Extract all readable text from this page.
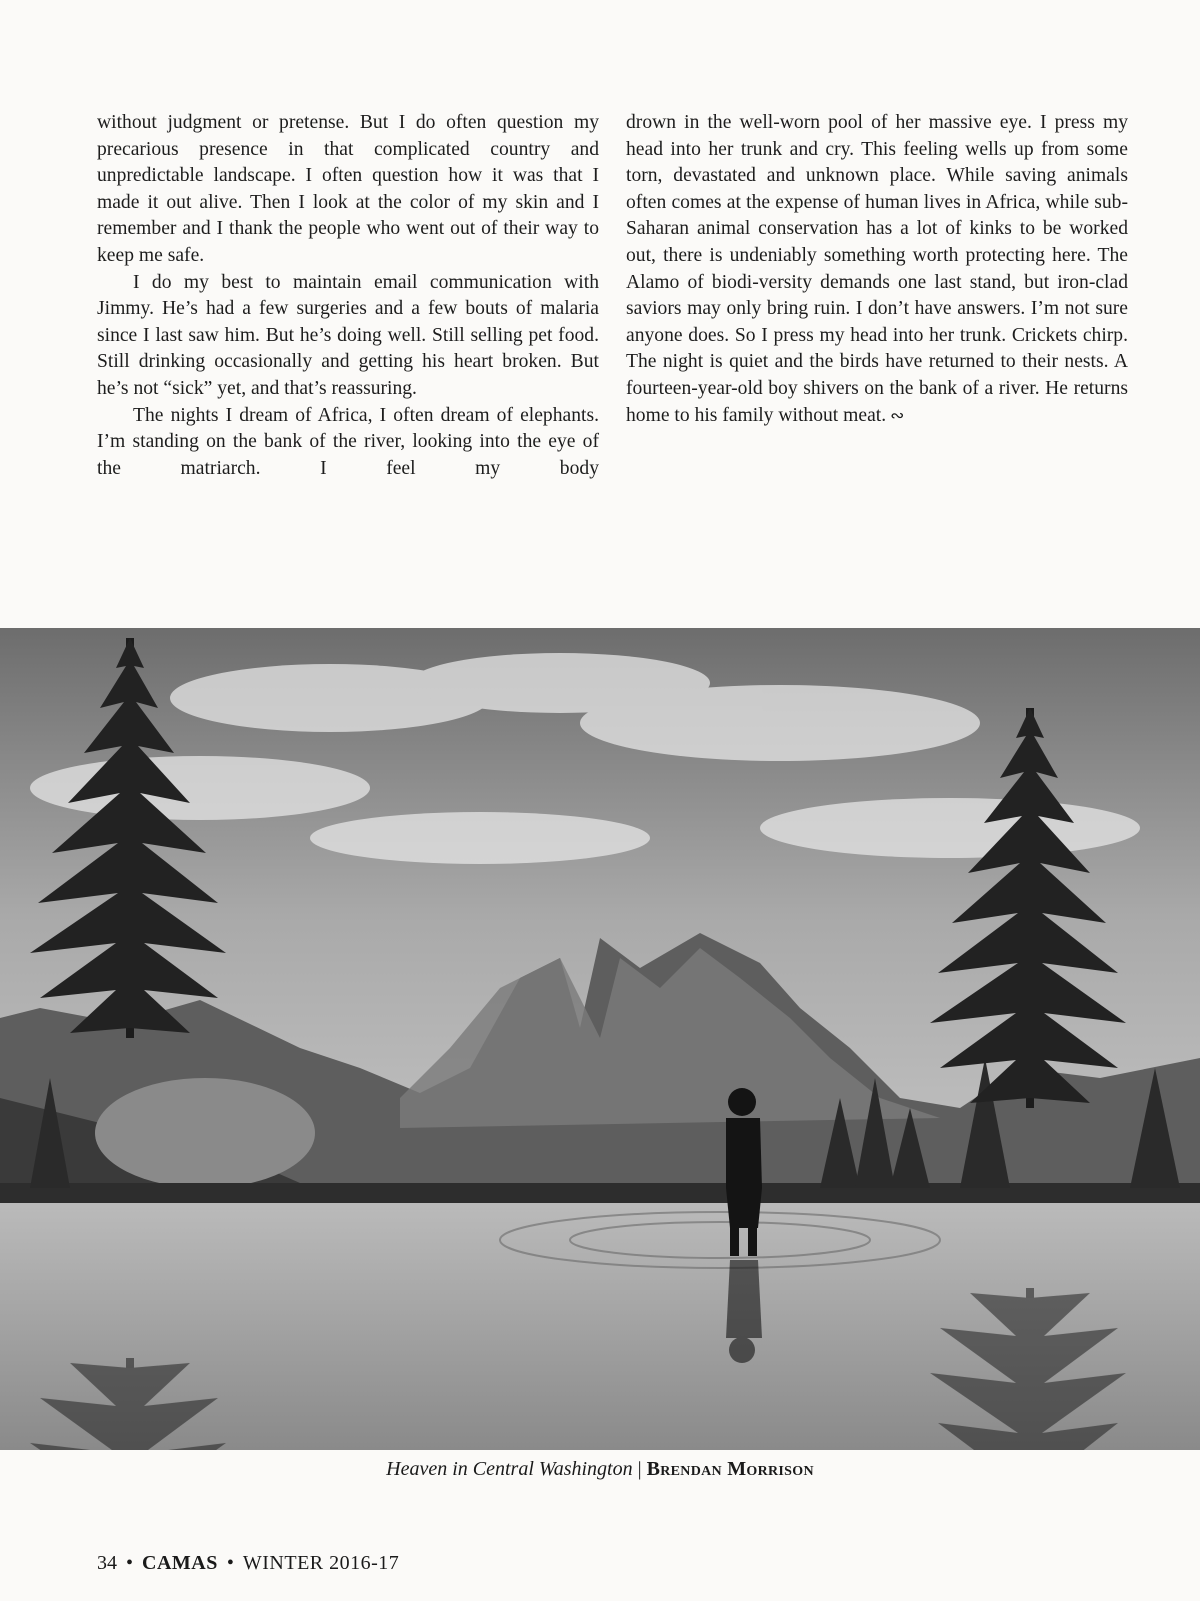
without judgment or pretense. But I do often question my precarious presence in that complicated country and unpredictable landscape. I often question how it was that I made it out alive. Then I look at the color of my skin and I remember and I thank the people who went out of their way to keep me safe.

I do my best to maintain email communication with Jimmy. He’s had a few surgeries and a few bouts of malaria since I last saw him. But he’s doing well. Still selling pet food. Still drinking occasionally and getting his heart broken. But he’s not “sick” yet, and that’s reassuring.

The nights I dream of Africa, I often dream of elephants. I’m standing on the bank of the river, looking into the eye of the matriarch. I feel my body

drown in the well-worn pool of her massive eye. I press my head into her trunk and cry. This feeling wells up from some torn, devastated and unknown place. While saving animals often comes at the expense of human lives in Africa, while sub-Saharan animal conservation has a lot of kinks to be worked out, there is undeniably something worth protecting here. The Alamo of biodi-versity demands one last stand, but iron-clad saviors may only bring ruin. I don’t have answers. I’m not sure anyone does. So I press my head into her trunk. Crickets chirp. The night is quiet and the birds have returned to their nests. A fourteen-year-old boy shivers on the bank of a river. He returns home to his family without meat. ∾

Heaven in Central Washington | Brendan Morrison
34 • CAMAS • WINTER 2016-17
